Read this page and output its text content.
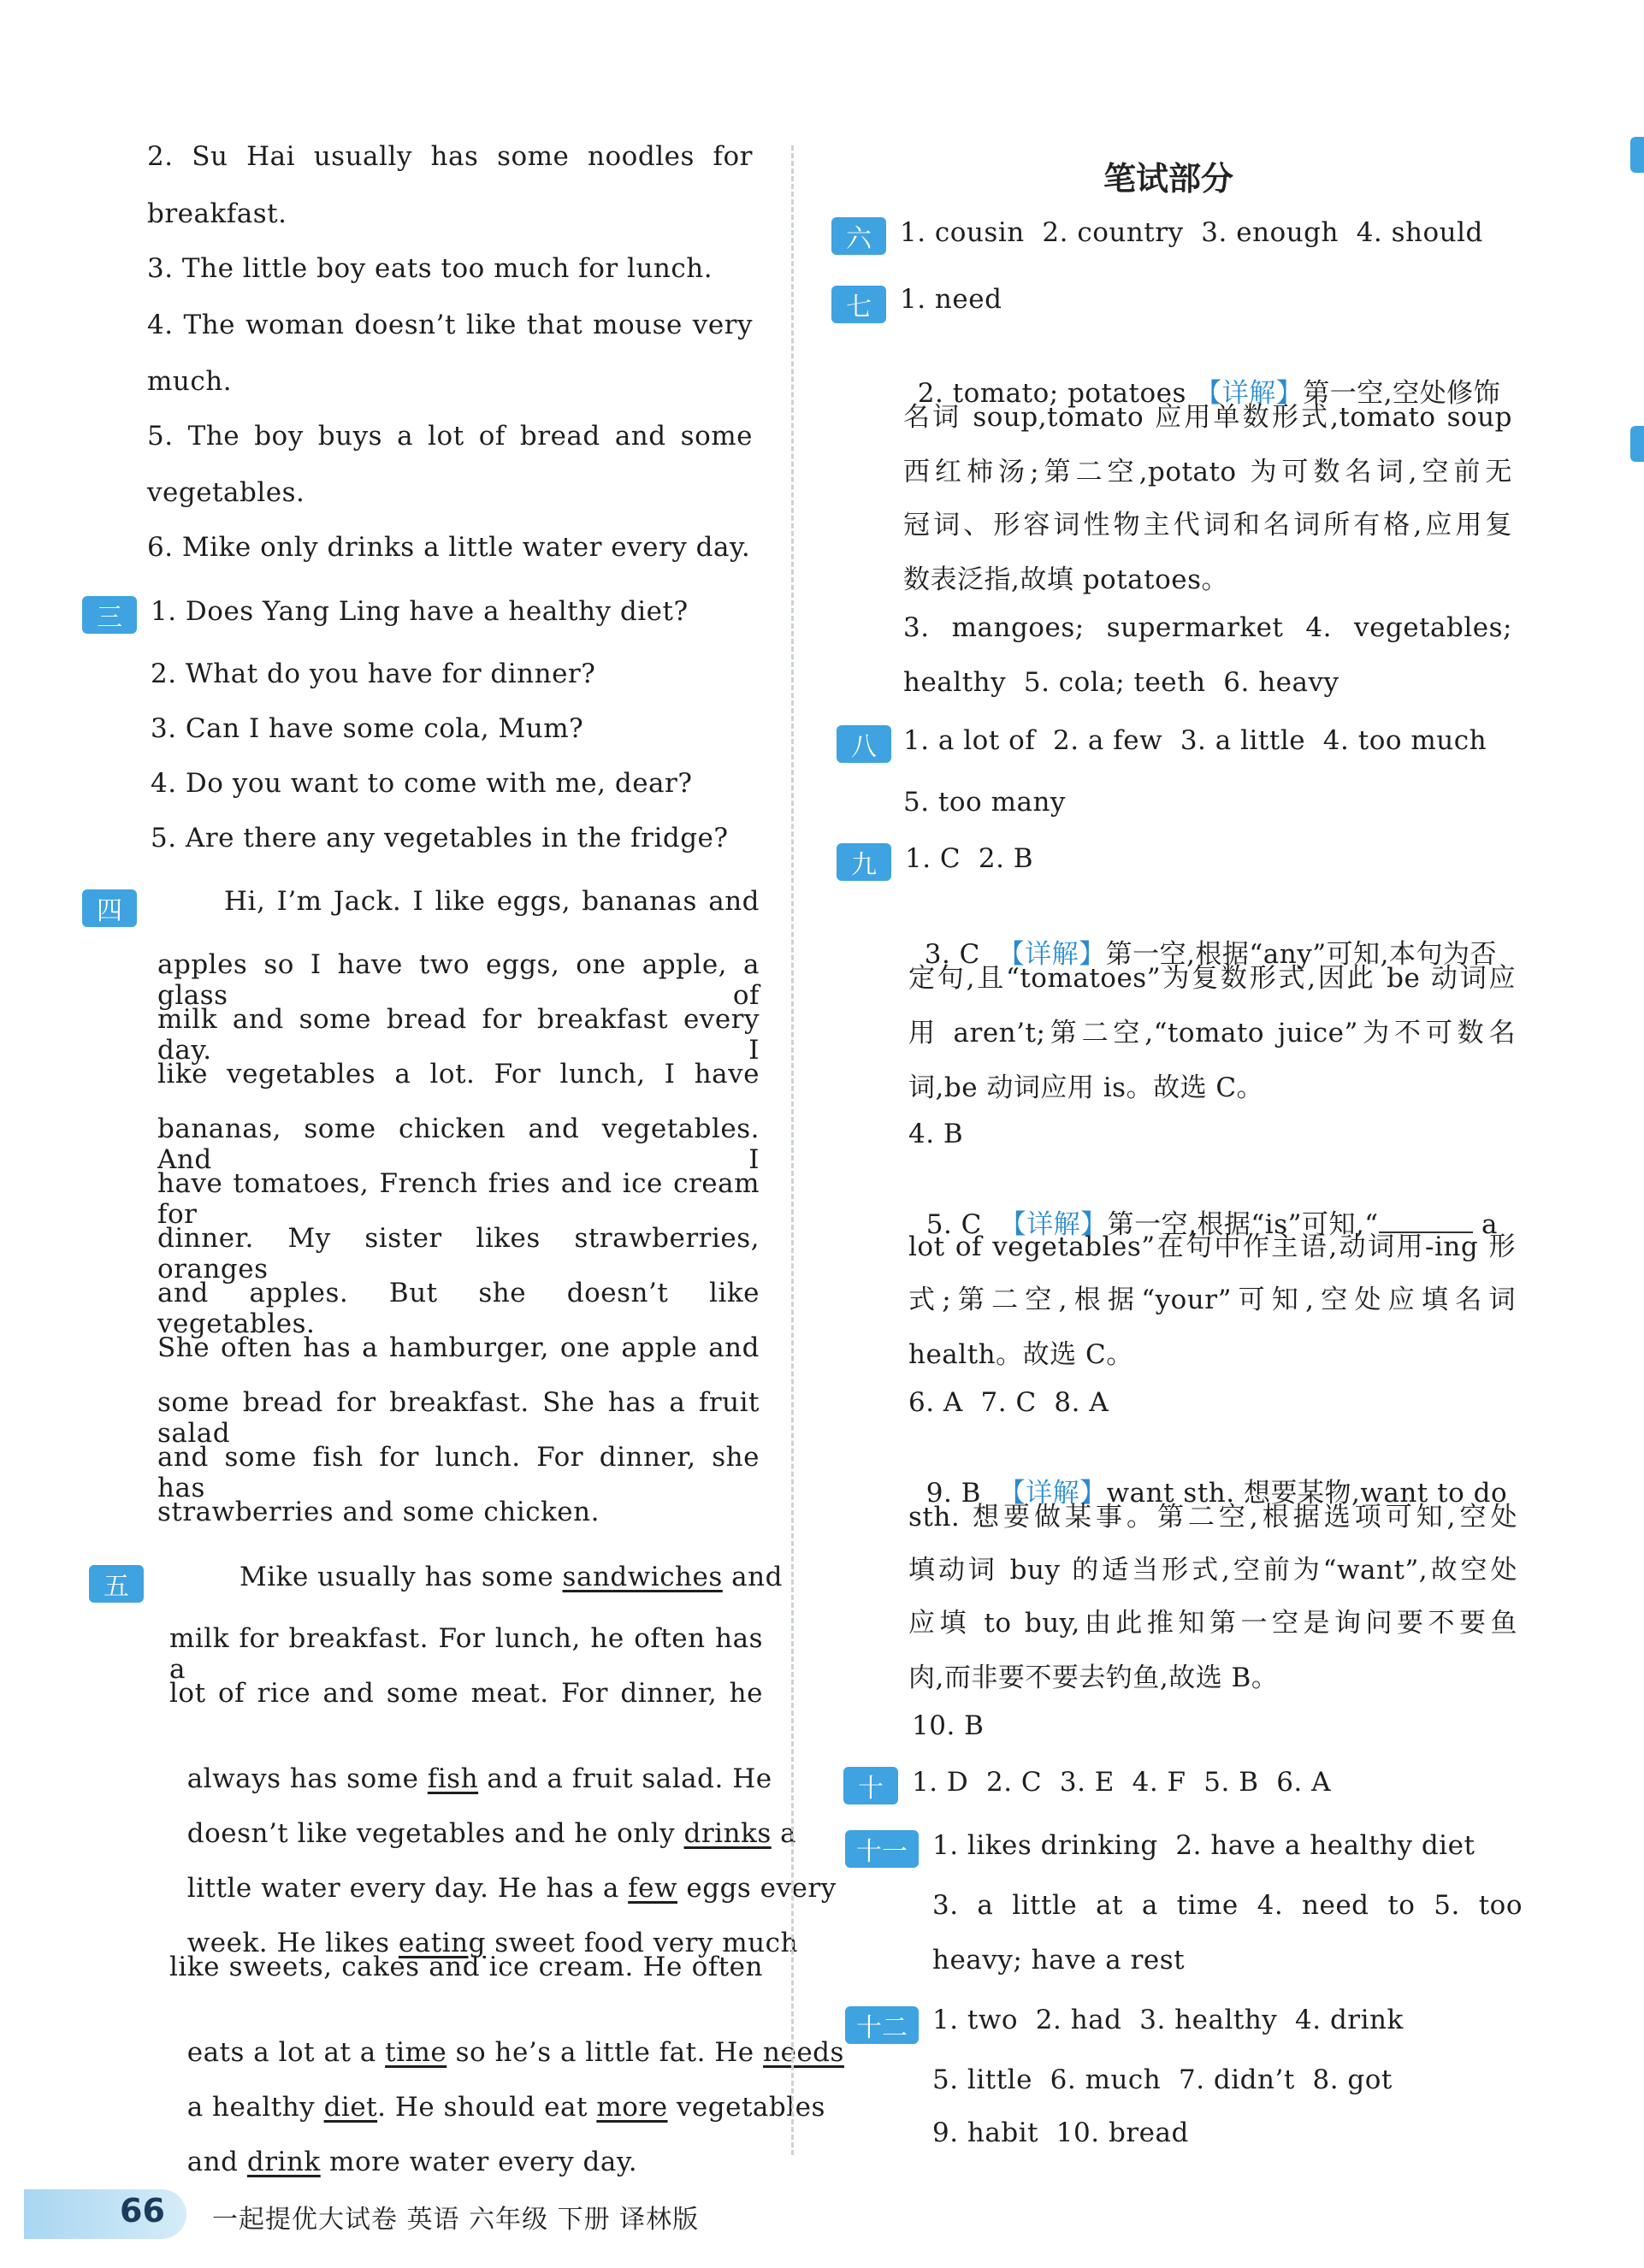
2. Su Hai usually has some noodles for
breakfast.
3. The little boy eats too much for lunch.
4. The woman doesn’t like that mouse very
much.
5. The boy buys a lot of bread and some
vegetables.
6. Mike only drinks a little water every day.
三	1. Does Yang Ling have a healthy diet?
2. What do you have for dinner?
3. Can I have some cola, Mum?
4. Do you want to come with me, dear?
5. Are there any vegetables in the fridge?
四	Hi, I’m Jack. I like eggs, bananas and
apples so I have two eggs, one apple, a glass of
milk and some bread for breakfast every day. I
like vegetables a lot. For lunch, I have
bananas, some chicken and vegetables. And I
have tomatoes, French fries and ice cream for
dinner. My sister likes strawberries, oranges
and apples. But she doesn’t like vegetables.
She often has a hamburger, one apple and
some bread for breakfast. She has a fruit salad
and some fish for lunch. For dinner, she has
strawberries and some chicken.
五	Mike usually has some sandwiches and
milk for breakfast. For lunch, he often has a
lot of rice and some meat. For dinner, he

always has some fish and a fruit salad. He

doesn’t like vegetables and he only drinks a

little water every day. He has a few eggs every

week. He likes eating sweet food very much

like sweets, cakes and ice cream. He often

eats a lot at a time so he’s a little fat. He needs

a healthy diet. He should eat more vegetables

and drink more water every day.

笔试部分
六	1. cousin  2. country  3. enough  4. should
七	1. need

2. tomato; potatoes 【详解】第一空,空处修饰

名词 soup,tomato 应用单数形式,tomato soup
西红柿汤;第二空,potato 为可数名词,空前无
冠词、形容词性物主代词和名词所有格,应用复
数表泛指,故填 potatoes。
3. mangoes; supermarket 4. vegetables;
healthy  5. cola; teeth  6. heavy
八	1. a lot of  2. a few  3. a little  4. too much
5. too many
九	1. C  2. B

3. C  【详解】第一空,根据“any”可知,本句为否

定句,且“tomatoes”为复数形式,因此 be 动词应
用 aren’t;第二空,“tomato juice”为不可数名
词,be 动词应用 is。故选 C。
4. B

5. C  【详解】第一空,根据“is”可知,“	a

lot of vegetables”在句中作主语,动词用-ing 形
式;第二空,根据“your”可知,空处应填名词
health。故选 C。
6. A  7. C  8. A

9. B  【详解】want sth. 想要某物,want to do

sth. 想要做某事。第二空,根据选项可知,空处
填动词 buy 的适当形式,空前为“want”,故空处
应填 to buy,由此推知第一空是询问要不要鱼
肉,而非要不要去钓鱼,故选 B。
10. B
十	1. D  2. C  3. E  4. F  5. B  6. A
十一 1. likes drinking  2. have a healthy diet
3. a little at a time 4. need to 5. too
heavy; have a rest
十二 1. two  2. had  3. healthy  4. drink
5. little  6. much  7. didn’t  8. got
9. habit  10. bread
66 一起提优大试卷 英语 六年级 下册 译林版
